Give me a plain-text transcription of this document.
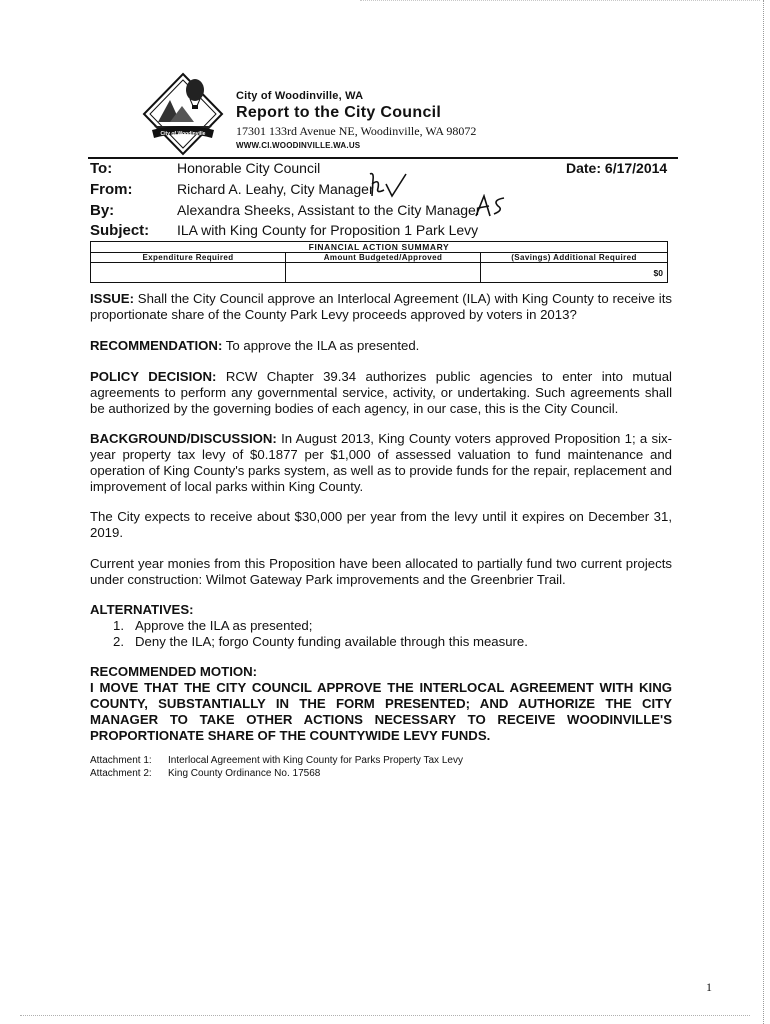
City of Woodinville
City of Woodinville, WA
Report to the City Council
17301 133rd Avenue NE, Woodinville, WA 98072
WWW.CI.WOODINVILLE.WA.US
To:	Honorable City Council	Date: 6/17/2014
From:	Richard A. Leahy, City Manager
By:	Alexandra Sheeks, Assistant to the City Manager
Subject: ILA with King County for Proposition 1 Park Levy
FINANCIAL ACTION SUMMARY		
Expenditure Required	Amount Budgeted/Approved	(Savings) Additional Required
		$0
ISSUE: Shall the City Council approve an Interlocal Agreement (ILA) with King County to receive its proportionate share of the County Park Levy proceeds approved by voters in 2013?
RECOMMENDATION: To approve the ILA as presented.
POLICY DECISION: RCW Chapter 39.34 authorizes public agencies to enter into mutual agreements to perform any governmental service, activity, or undertaking. Such agreements shall be authorized by the governing bodies of each agency, in our case, this is the City Council.
BACKGROUND/DISCUSSION: In August 2013, King County voters approved Proposition 1; a six-year property tax levy of $0.1877 per $1,000 of assessed valuation to fund maintenance and operation of King County's parks system, as well as to provide funds for the repair, replacement and improvement of local parks within King County.
The City expects to receive about $30,000 per year from the levy until it expires on December 31, 2019.
Current year monies from this Proposition have been allocated to partially fund two current projects under construction: Wilmot Gateway Park improvements and the Greenbrier Trail.
ALTERNATIVES:
1. Approve the ILA as presented;
2. Deny the ILA; forgo County funding available through this measure.
RECOMMENDED MOTION:
I MOVE THAT THE CITY COUNCIL APPROVE THE INTERLOCAL AGREEMENT WITH KING COUNTY, SUBSTANTIALLY IN THE FORM PRESENTED; AND AUTHORIZE THE CITY MANAGER TO TAKE OTHER ACTIONS NECESSARY TO RECEIVE WOODINVILLE'S PROPORTIONATE SHARE OF THE COUNTYWIDE LEVY FUNDS.
Attachment 1: Interlocal Agreement with King County for Parks Property Tax Levy
Attachment 2: King County Ordinance No. 17568
1
